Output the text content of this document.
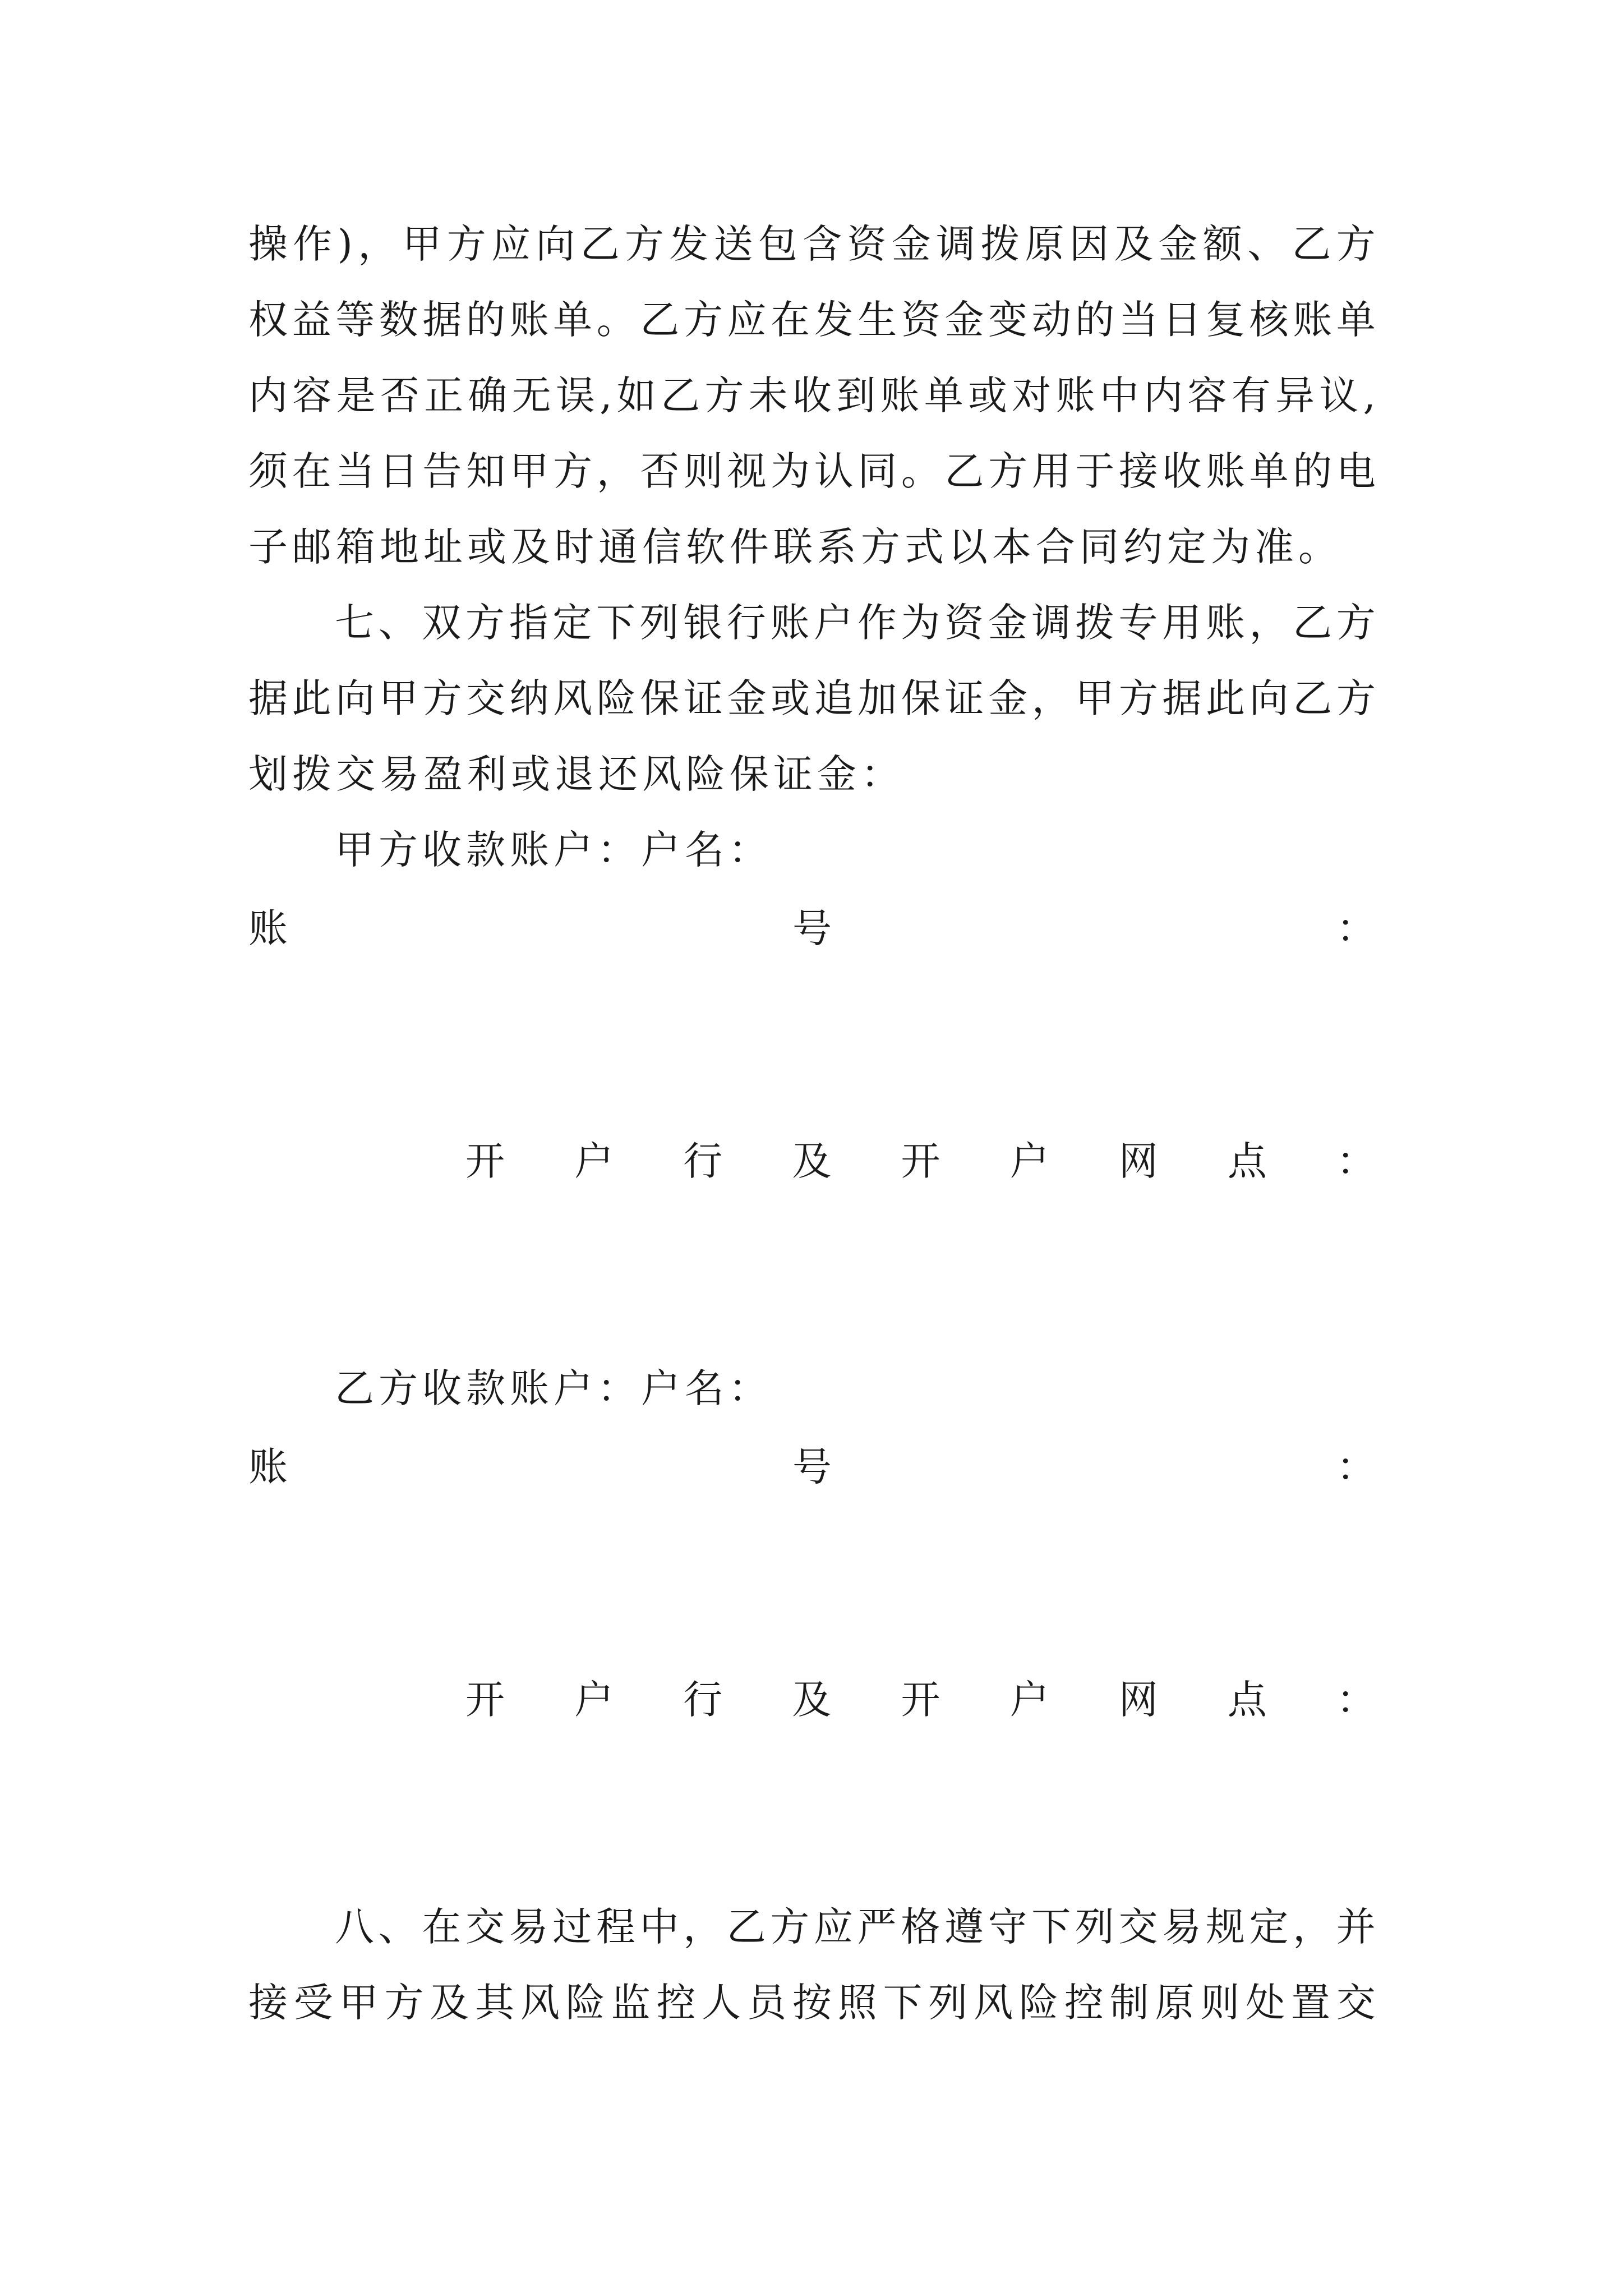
操 作 ) ， 甲 方 应 向 乙 方 发 送 包 含 资 金 调 拨 原 因 及 金 额 、 乙 方
权 益 等 数 据 的 账 单 。 乙 方 应 在 发 生 资 金 变 动 的 当 日 复 核 账 单
内 容 是 否 正 确 无 误 , 如 乙 方 未 收 到 账 单 或 对 账 中 内 容 有 异 议 ,
须 在 当 日 告 知 甲 方 ， 否 则 视 为 认 同 。 乙 方 用 于 接 收 账 单 的 电
子邮箱地址或及时通信软件联系方式以本合同约定为准。
七 、 双 方 指 定 下 列 银 行 账 户 作 为 资 金 调 拨 专 用 账 ， 乙 方
据 此 向 甲 方 交 纳 风 险 保 证 金 或 追 加 保 证 金 ， 甲 方 据 此 向 乙 方
划拨交易盈利或退还风险保证金：
甲方收款账户：户名：
账	号	：
开 户 行 及 开 户 网 点 ：
乙方收款账户：户名：
账	号	：
开 户 行 及 开 户 网 点 ：
八 、 在 交 易 过 程 中 ， 乙 方 应 严 格 遵 守 下 列 交 易 规 定 ， 并
接 受 甲 方 及 其 风 险 监 控 人 员 按 照 下 列 风 险 控 制 原 则 处 置 交
